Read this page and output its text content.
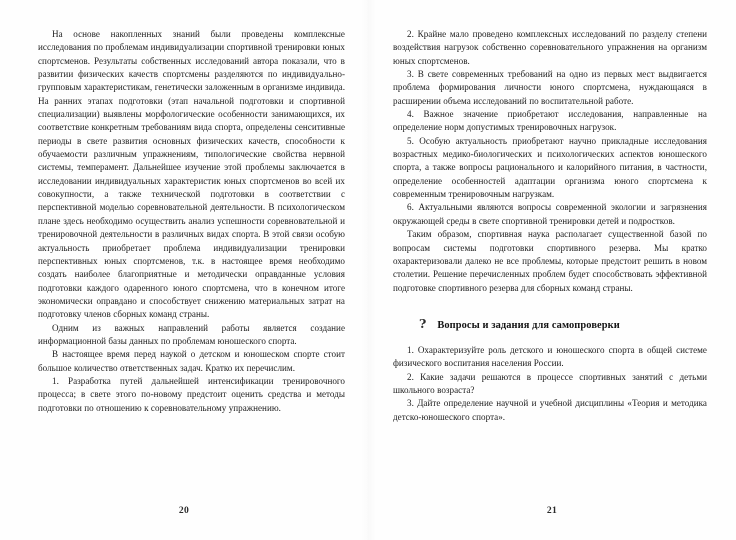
На основе накопленных знаний были проведены комплексные исследования по проблемам индивидуализации спортивной тренировки юных спортсменов. Результаты собственных исследований автора показали, что в развитии физических качеств спортсмены разделяются по индивидуально-групповым характеристикам, генетически заложенным в организме индивида. На ранних этапах подготовки (этап начальной подготовки и спортивной специализации) выявлены морфологические особенности занимающихся, их соответствие конкретным требованиям вида спорта, определены сенситивные периоды в свете развития основных физических качеств, способности к обучаемости различным упражнениям, типологические свойства нервной системы, темперамент. Дальнейшее изучение этой проблемы заключается в исследовании индивидуальных характеристик юных спортсменов во всей их совокупности, а также технической подготовки в соответствии с перспективной моделью соревновательной деятельности. В психологическом плане здесь необходимо осуществить анализ успешности соревновательной и тренировочной деятельности в различных видах спорта. В этой связи особую актуальность приобретает проблема индивидуализации тренировки перспективных юных спортсменов, т.к. в настоящее время необходимо создать наиболее благоприятные и методически оправданные условия подготовки каждого одаренного юного спортсмена, что в конечном итоге экономически оправдано и способствует снижению материальных затрат на подготовку членов сборных команд страны.

Одним из важных направлений работы является создание информационной базы данных по проблемам юношеского спорта.

В настоящее время перед наукой о детском и юношеском спорте стоит большое количество ответственных задач. Кратко их перечислим.

1. Разработка путей дальнейшей интенсификации тренировочного процесса; в свете этого по-новому предстоит оценить средства и методы подготовки по отношению к соревновательному упражнению.

20

2. Крайне мало проведено комплексных исследований по разделу степени воздействия нагрузок собственно соревновательного упражнения на организм юных спортсменов.

3. В свете современных требований на одно из первых мест выдвигается проблема формирования личности юного спортсмена, нуждающаяся в расширении объема исследований по воспитательной работе.

4. Важное значение приобретают исследования, направленные на определение норм допустимых тренировочных нагрузок.

5. Особую актуальность приобретают научно прикладные исследования возрастных медико-биологических и психологических аспектов юношеского спорта, а также вопросы рационального и калорийного питания, в частности, определение особенностей адаптации организма юного спортсмена к современным тренировочным нагрузкам.

6. Актуальными являются вопросы современной экологии и загрязнения окружающей среды в свете спортивной тренировки детей и подростков.

Таким образом, спортивная наука располагает существенной базой по вопросам системы подготовки спортивного резерва. Мы кратко охарактеризовали далеко не все проблемы, которые предстоит решить в новом столетии. Решение перечисленных проблем будет способствовать эффективной подготовке спортивного резерва для сборных команд страны.

? Вопросы и задания для самопроверки

1. Охарактеризуйте роль детского и юношеского спорта в общей системе физического воспитания населения России.

2. Какие задачи решаются в процессе спортивных занятий с детьми школьного возраста?

3. Дайте определение научной и учебной дисциплины «Теория и методика детско-юношеского спорта».

21
